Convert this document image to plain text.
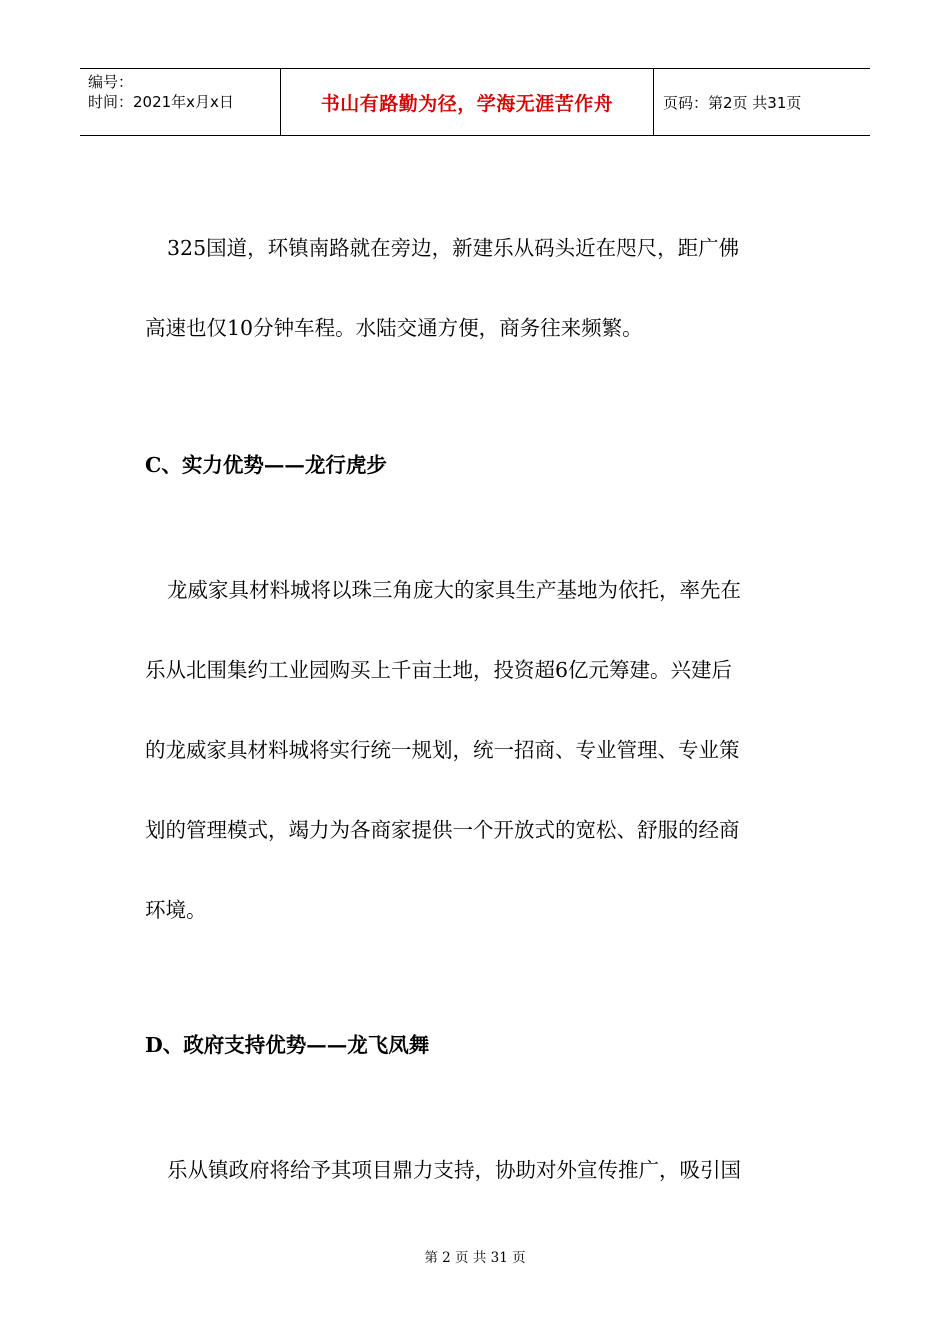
编号：
时间：2021年x月x日	书山有路勤为径，学海无涯苦作舟	页码：第2页 共31页
325国道，环镇南路就在旁边，新建乐从码头近在咫尺，距广佛
高速也仅10分钟车程。水陆交通方便，商务往来频繁。
C、实力优势——龙行虎步
龙威家具材料城将以珠三角庞大的家具生产基地为依托，率先在
乐从北围集约工业园购买上千亩土地，投资超6亿元筹建。兴建后
的龙威家具材料城将实行统一规划，统一招商、专业管理、专业策
划的管理模式，竭力为各商家提供一个开放式的宽松、舒服的经商
环境。
D、政府支持优势——龙飞凤舞
乐从镇政府将给予其项目鼎力支持，协助对外宣传推广，吸引国
第 2 页 共 31 页
